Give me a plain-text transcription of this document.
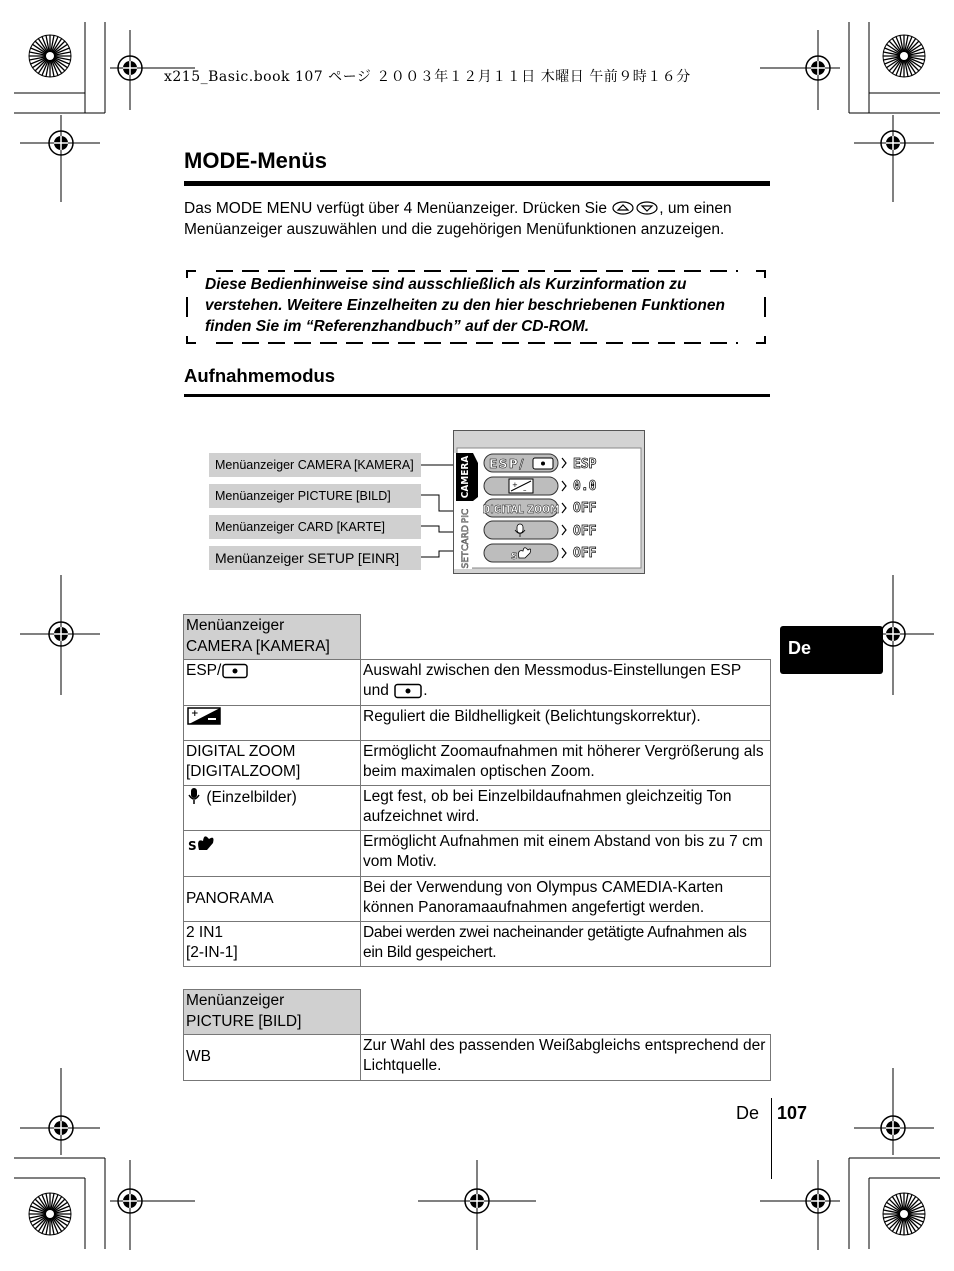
x215_Basic.book 107 ページ ２００３年１２月１１日 木曜日 午前９時１６分
MODE-Menüs
Das MODE MENU verfügt über 4 Menüanzeiger. Drücken Sie	, um einen Menüanzeiger auszuwählen und die zugehörigen Menüfunktionen anzuzeigen.
Diese Bedienhinweise sind ausschließlich als Kurzinformation zu verstehen. Weitere Einzelheiten zu den hier beschriebenen Funktionen finden Sie im “Referenzhandbuch” auf der CD-ROM.
Aufnahmemodus
Menüanzeiger CAMERA [KAMERA]
Menüanzeiger PICTURE [BILD]
Menüanzeiger CARD [KARTE]
Menüanzeiger SETUP [EINR]
CAMERA
PIC
CARD
SET
ESP/
+
–
DIGITAL ZOOM
S
ESP
0.0
OFF
OFF
OFF
Menüanzeiger
CAMERA [KAMERA]
ESP/	Auswahl zwischen den Messmodus-Einstellungen ESP und .

+	Reguliert die Bildhelligkeit (Belichtungskorrektur).
DIGITAL ZOOM [DIGITALZOOM]	Ermöglicht Zoomaufnahmen mit höherer Vergrößerung als beim maximalen optischen Zoom.
(Einzelbilder)	Legt fest, ob bei Einzelbildaufnahmen gleichzeitig Ton aufzeichnet wird.

S	Ermöglicht Aufnahmen mit einem Abstand von bis zu 7 cm vom Motiv.
PANORAMA	Bei der Verwendung von Olympus CAMEDIA-Karten können Panoramaaufnahmen angefertigt werden.

2 IN1
[2-IN-1]	Dabei werden zwei nacheinander getätigte Aufnahmen als ein Bild gespeichert.
Menüanzeiger
PICTURE [BILD]
WB	Zur Wahl des passenden Weißabgleichs entsprechend der Lichtquelle.
De
De 107
